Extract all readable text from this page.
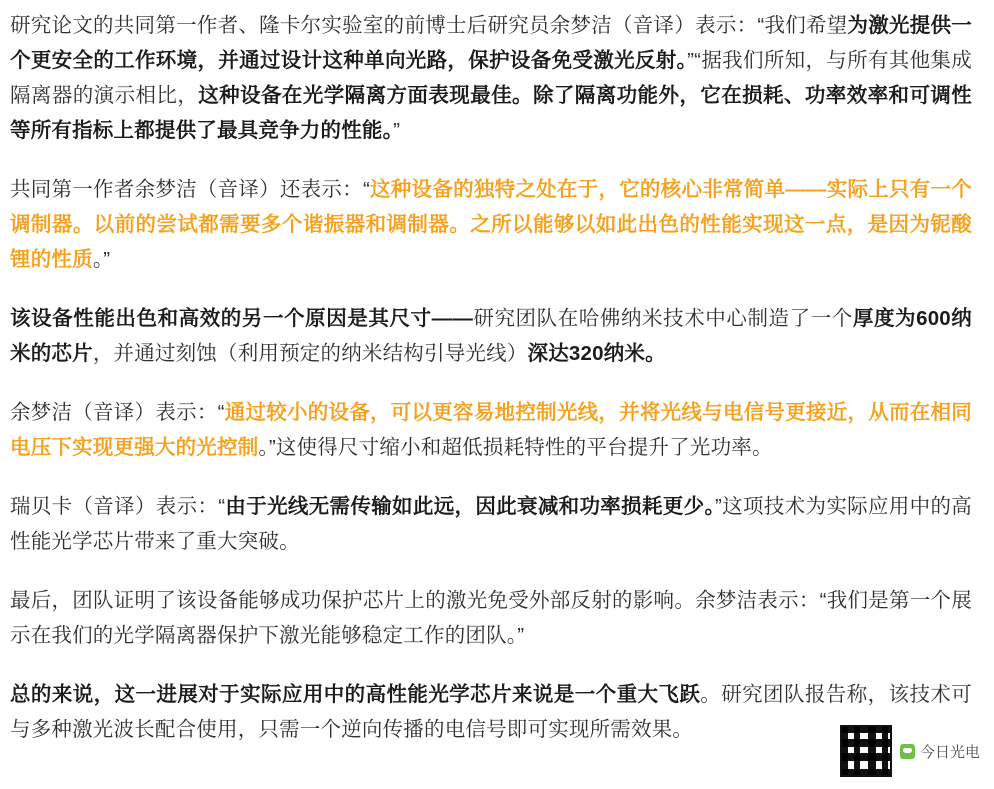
研究论文的共同第一作者、隆卡尔实验室的前博士后研究员余梦洁（音译）表示：“我们希望为激光提供一个更安全的工作环境，并通过设计这种单向光路，保护设备免受激光反射。”“据我们所知，与所有其他集成隔离器的演示相比，这种设备在光学隔离方面表现最佳。除了隔离功能外，它在损耗、功率效率和可调性等所有指标上都提供了最具竞争力的性能。”

共同第一作者余梦洁（音译）还表示：“这种设备的独特之处在于，它的核心非常简单——实际上只有一个调制器。以前的尝试都需要多个谐振器和调制器。之所以能够以如此出色的性能实现这一点，是因为铌酸锂的性质。”

该设备性能出色和高效的另一个原因是其尺寸——研究团队在哈佛纳米技术中心制造了一个厚度为600纳米的芯片，并通过刻蚀（利用预定的纳米结构引导光线）深达320纳米。

余梦洁（音译）表示：“通过较小的设备，可以更容易地控制光线，并将光线与电信号更接近，从而在相同电压下实现更强大的光控制。”这使得尺寸缩小和超低损耗特性的平台提升了光功率。

瑞贝卡（音译）表示：“由于光线无需传输如此远，因此衰减和功率损耗更少。”这项技术为实际应用中的高性能光学芯片带来了重大突破。

最后，团队证明了该设备能够成功保护芯片上的激光免受外部反射的影响。余梦洁表示：“我们是第一个展示在我们的光学隔离器保护下激光能够稳定工作的团队。”

总的来说，这一进展对于实际应用中的高性能光学芯片来说是一个重大飞跃。研究团队报告称，该技术可与多种激光波长配合使用，只需一个逆向传播的电信号即可实现所需效果。

今日光电
